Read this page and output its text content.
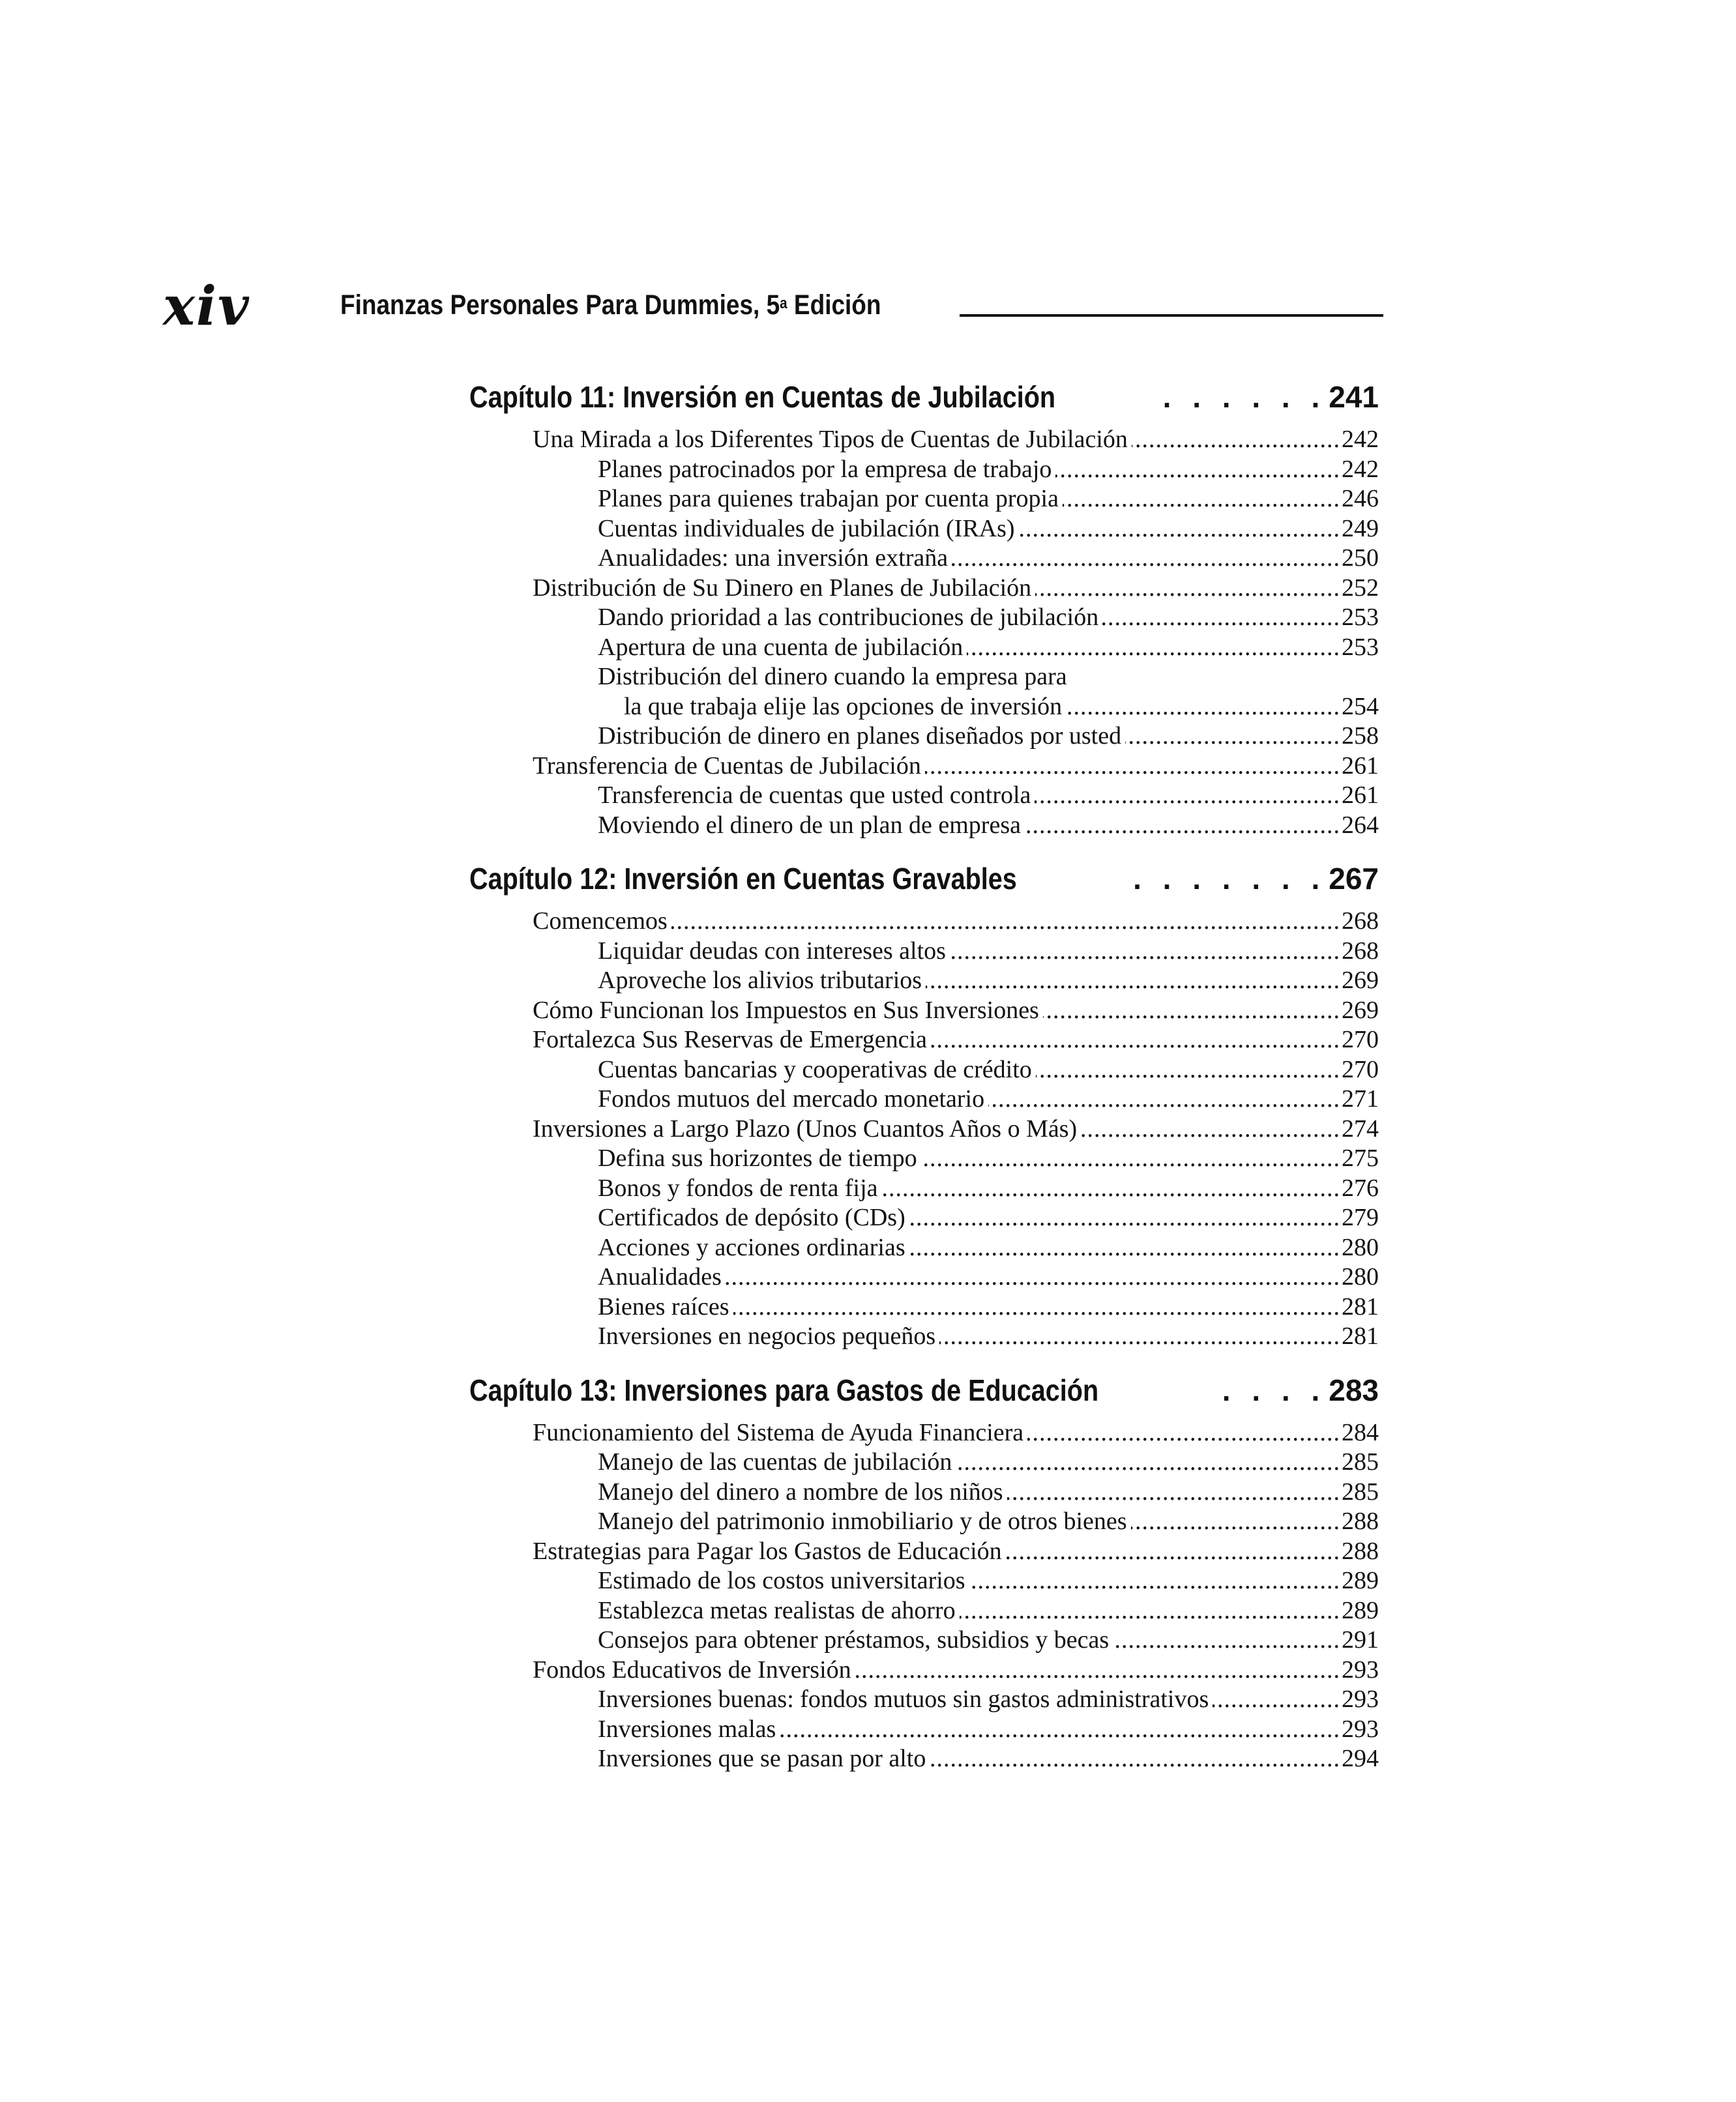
xiv	Finanzas Personales Para Dummies, 5$^a$ Edición
Capítulo 11: Inversión en Cuentas de Jubilación . . .	241
Una Mirada a los Diferentes Tipos de Cuentas de Jubilación .....	242
Planes patrocinados por la empresa de trabajo .....	242
Planes para quienes trabajan por cuenta propia .....	246
Cuentas individuales de jubilación (IRAs) .....	249
Anualidades: una inversión extraña .....	250
Distribución de Su Dinero en Planes de Jubilación .....	252
Dando prioridad a las contribuciones de jubilación .....	253
Apertura de una cuenta de jubilación .....	253
Distribución del dinero cuando la empresa para
la que trabaja elije las opciones de inversión .....	254
Distribución de dinero en planes diseñados por usted .....	258
Transferencia de Cuentas de Jubilación .....	261
Transferencia de cuentas que usted controla .....	261
Moviendo el dinero de un plan de empresa .....	264
Capítulo 12: Inversión en Cuentas Gravables . . .	267
Comencemos .....	268
Liquidar deudas con intereses altos .....	268
Aproveche los alivios tributarios .....	269
Cómo Funcionan los Impuestos en Sus Inversiones .....	269
Fortalezca Sus Reservas de Emergencia .....	270
Cuentas bancarias y cooperativas de crédito .....	270
Fondos mutuos del mercado monetario .....	271
Inversiones a Largo Plazo (Unos Cuantos Años o Más) .....	274
Defina sus horizontes de tiempo .....	275
Bonos y fondos de renta fija .....	276
Certificados de depósito (CDs) .....	279
Acciones y acciones ordinarias .....	280
Anualidades .....	280
Bienes raíces .....	281
Inversiones en negocios pequeños .....	281
Capítulo 13: Inversiones para Gastos de Educación . . .	283
Funcionamiento del Sistema de Ayuda Financiera .....	284
Manejo de las cuentas de jubilación .....	285
Manejo del dinero a nombre de los niños .....	285
Manejo del patrimonio inmobiliario y de otros bienes .....	288
Estrategias para Pagar los Gastos de Educación .....	288
Estimado de los costos universitarios .....	289
Establezca metas realistas de ahorro .....	289
Consejos para obtener préstamos, subsidios y becas .....	291
Fondos Educativos de Inversión .....	293
Inversiones buenas: fondos mutuos sin gastos administrativos .....	293
Inversiones malas .....	293
Inversiones que se pasan por alto .....	294
